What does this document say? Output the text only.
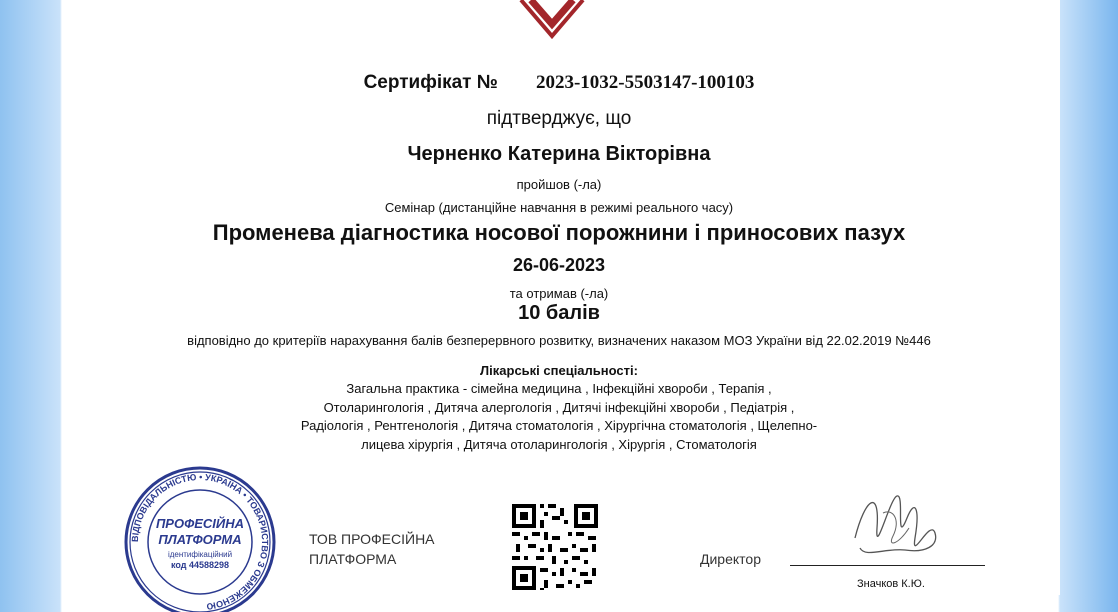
Сертифікат № 2023-1032-5503147-100103
підтверджує, що
Черненко Катерина Вікторівна
пройшов (-ла)
Семінар (дистанційне навчання в режимі реального часу)
Променева діагностика носової порожнини і приносових пазух
26-06-2023
та отримав (-ла)
10 балів
відповідно до критеріїв нарахування балів безперервного розвитку, визначених наказом МОЗ України від 22.02.2019 №446
Лікарські спеціальності:
Загальна практика - сімейна медицина , Інфекційні хвороби , Терапія ,
Отоларингологія , Дитяча алергологія , Дитячі інфекційні хвороби , Педіатрія ,
Радіологія , Рентгенологія , Дитяча стоматологія , Хірургічна стоматологія , Щелепно-
лицева хірургія , Дитяча отоларингологія , Хірургія , Стоматологія
ВІДПОВІДАЛЬНІСТЮ • УКРАЇНА • ТОВАРИСТВО З ОБМЕЖЕНОЮ
ПРОФЕСІЙНА
ПЛАТФОРМА
ідентифікаційний
код 44588298
ТОВ ПРОФЕСІЙНА
ПЛАТФОРМА	Директор
Значков К.Ю.
